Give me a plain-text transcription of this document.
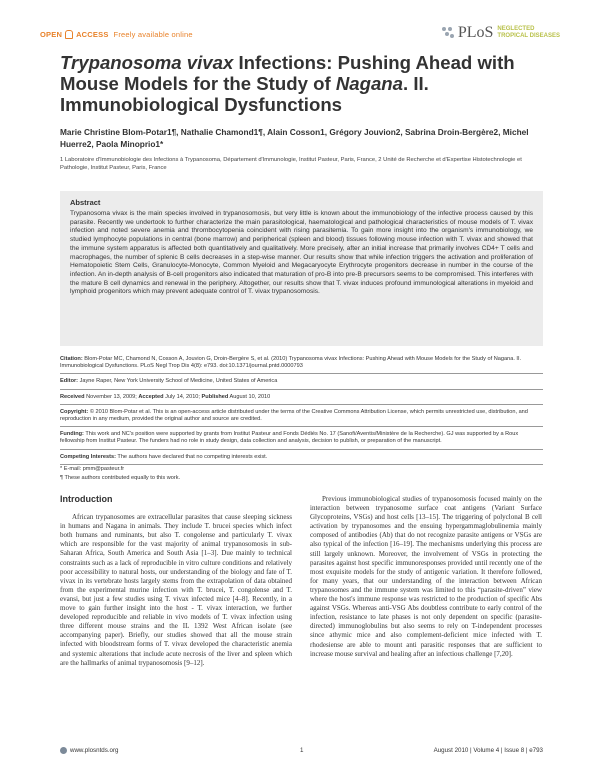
OPEN ACCESS Freely available online	PLoS NEGLECTED
TROPICAL DISEASES
Trypanosoma vivax Infections: Pushing Ahead with Mouse Models for the Study of Nagana. II. Immunobiological Dysfunctions
Marie Christine Blom-Potar1¶, Nathalie Chamond1¶, Alain Cosson1, Grégory Jouvion2, Sabrina Droin-Bergère2, Michel Huerre2, Paola Minoprio1*
1 Laboratoire d'Immunobiologie des Infections à Trypanosoma, Département d'Immunologie, Institut Pasteur, Paris, France, 2 Unité de Recherche et d'Expertise Histotechnologie et Pathologie, Institut Pasteur, Paris, France
Abstract

Trypanosoma vivax is the main species involved in trypanosomosis, but very little is known about the immunobiology of the infective process caused by this parasite. Recently we undertook to further characterize the main parasitological, haematological and pathological characteristics of mouse models of T. vivax infection and noted severe anemia and thrombocytopenia coincident with rising parasitemia. To gain more insight into the organism's immunobiology, we studied lymphocyte populations in central (bone marrow) and peripherical (spleen and blood) tissues following mouse infection with T. vivax and showed that the immune system apparatus is affected both quantitatively and qualitatively. More precisely, after an initial increase that primarily involves CD4+ T cells and macrophages, the number of splenic B cells decreases in a step-wise manner. Our results show that while infection triggers the activation and proliferation of Hematopoietic Stem Cells, Granulocyte-Monocyte, Common Myeloid and Megacaryocyte Erythrocyte progenitors decrease in number in the course of the infection. An in-depth analysis of B-cell progenitors also indicated that maturation of pro-B into pre-B precursors seems to be compromised. This interferes with the mature B cell dynamics and renewal in the periphery. Altogether, our results show that T. vivax induces profound immunological alterations in myeloid and lymphoid progenitors which may prevent adequate control of T. vivax trypanosomosis.

Citation: Blom-Potar MC, Chamond N, Cosson A, Jouvion G, Droin-Bergère S, et al. (2010) Trypanosoma vivax Infections: Pushing Ahead with Mouse Models for the Study of Nagana. II. Immunobiological Dysfunctions. PLoS Negl Trop Dis 4(8): e793. doi:10.1371/journal.pntd.0000793

Editor: Jayne Raper, New York University School of Medicine, United States of America

Received November 13, 2009; Accepted July 14, 2010; Published August 10, 2010

Copyright: © 2010 Blom-Potar et al. This is an open-access article distributed under the terms of the Creative Commons Attribution License, which permits unrestricted use, distribution, and reproduction in any medium, provided the original author and source are credited.

Funding: This work and NC's position were supported by grants from Institut Pasteur and Fonds Dédiés No. 17 (Sanofi/Aventis/Ministère de la Recherche). GJ was supported by a Roux fellowship from Institut Pasteur. The funders had no role in study design, data collection and analysis, decision to publish, or preparation of the manuscript.

Competing Interests: The authors have declared that no competing interests exist.

* E-mail: pmm@pasteur.fr

¶ These authors contributed equally to this work.

Introduction

African trypanosomes are extracellular parasites that cause sleeping sickness in humans and Nagana in animals. They include T. brucei species which infect both humans and ruminants, but also T. congolense and particularly T. vivax which are responsible for the vast majority of animal trypanosomosis in sub-Saharan Africa, South America and South Asia [1–3]. Due mainly to technical constraints such as a lack of reproducible in vitro culture conditions and relatively poor accessibility to natural hosts, our understanding of the biology and fate of T. vivax in its vertebrate hosts largely stems from the extrapolation of data obtained from the experimental murine infection with T. brucei, T. congolense and T. evansi, but just a few studies using T. vivax infected mice [4–8]. Recently, in a move to gain further insight into the host - T. vivax interaction, we further developed reproducible and reliable in vivo models of T. vivax infection using three different mouse strains and the IL 1392 West African isolate (see accompanying paper). Briefly, our studies showed that all the mouse strain infected with bloodstream forms of T. vivax developed the characteristic anemia and systemic alterations that include acute necrosis of the liver and spleen which are the hallmarks of animal trypanosomosis [9–12].

Previous immunobiological studies of trypanosomosis focused mainly on the interaction between trypanosome surface coat antigens (Variant Surface Glycoproteins, VSGs) and host cells [13–15]. The triggering of polyclonal B cell activation by trypanosomes and the ensuing hypergammaglobulinemia mainly composed of antibodies (Ab) that do not recognize parasite antigens or VSGs are also typical of the infection [16–19]. The mechanisms underlying this process are still largely unknown. Moreover, the involvement of VSGs in protecting the parasites against host specific immunoresponses provided until recently one of the most exquisite models for the study of antigenic variation. It therefore followed, for many years, that our understanding of the interaction between African trypanosomes and the immune system was limited to this “parasite-driven” view where the host's immune response was restricted to the production of specific Abs against VSGs. Whereas anti-VSG Abs doubtless contribute to early control of the infection, resistance to late phases is not only dependent on specific (parasite-directed) immunoglobulins but also seems to rely on T-independent processes since athymic mice and also complement-deficient mice infected with T. rhodesiense are able to mount anti parasitic responses that are sufficient to increase mouse survival and healing after an infectious challenge [7,20].

www.plosntds.org	1	August 2010 | Volume 4 | Issue 8 | e793
